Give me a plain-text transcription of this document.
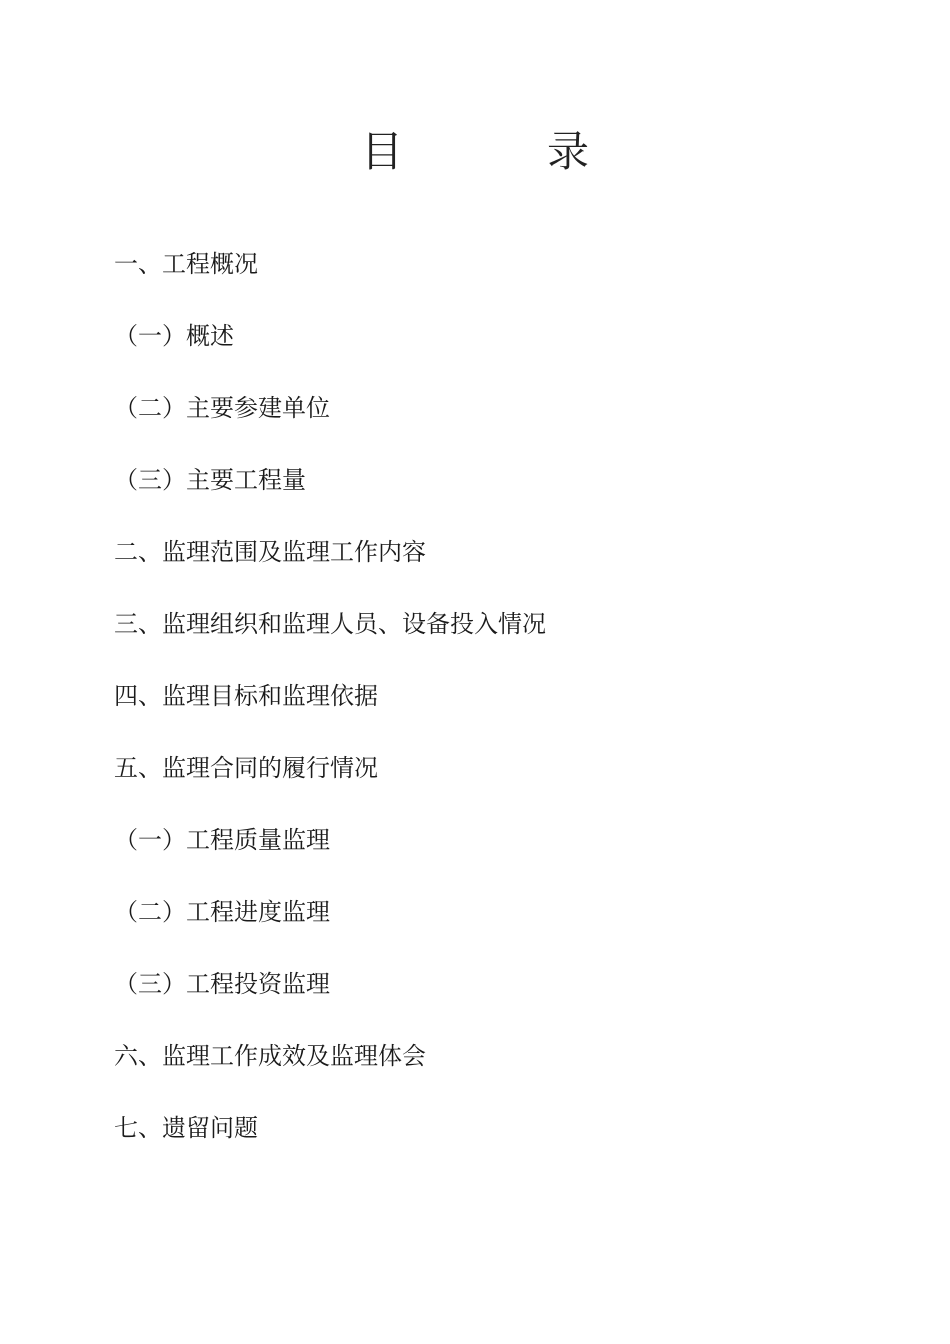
目	录
一、工程概况
（一）概述
（二）主要参建单位
（三）主要工程量
二、监理范围及监理工作内容
三、监理组织和监理人员、设备投入情况
四、监理目标和监理依据
五、监理合同的履行情况
（一）工程质量监理
（二）工程进度监理
（三）工程投资监理
六、监理工作成效及监理体会
七、遗留问题
